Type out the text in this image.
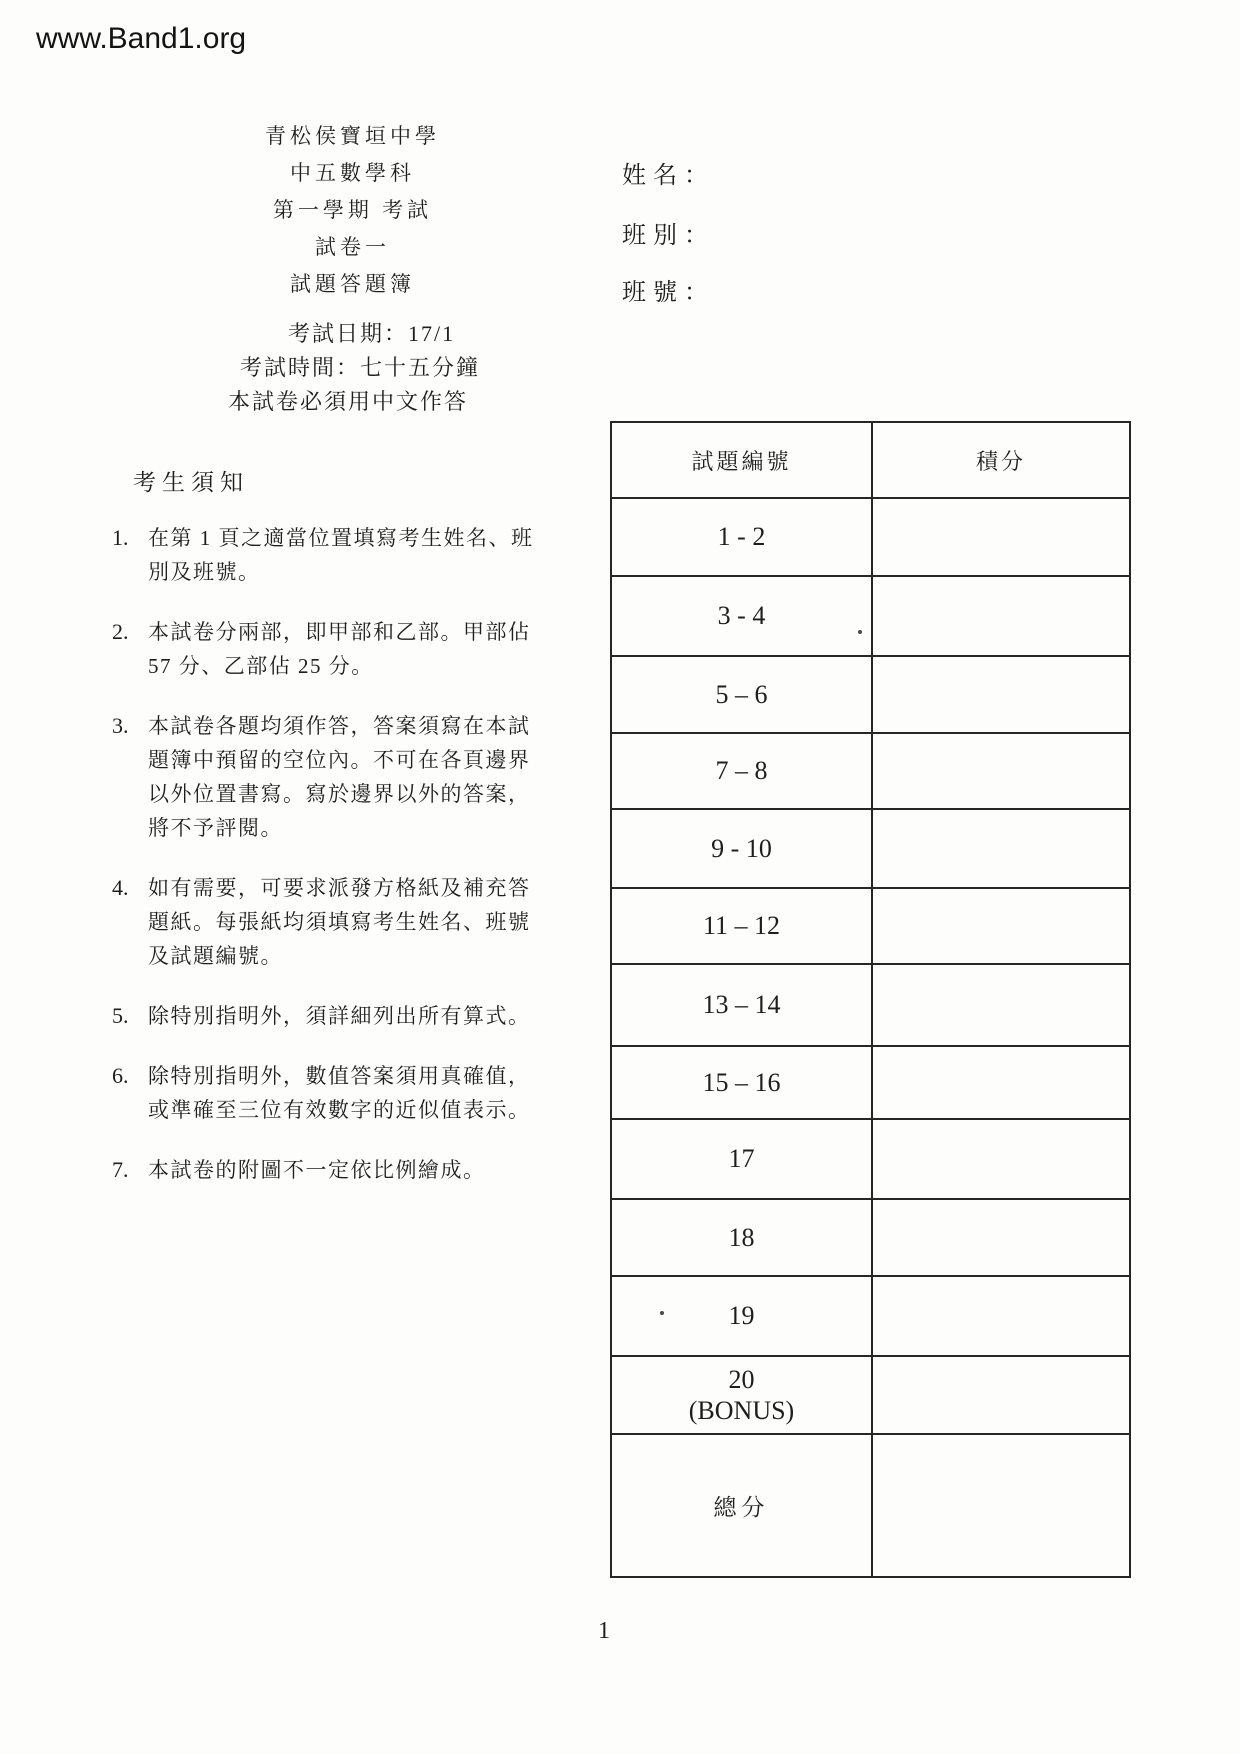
www.Band1.org
青松侯寶垣中學
中五數學科
第一學期 考試
試卷一
試題答題簿
姓名：
班別：
班號：
考試日期：17/1
考試時間：七十五分鐘
本試卷必須用中文作答
考生須知
1. 在第 1 頁之適當位置填寫考生姓名、班
別及班號。
2. 本試卷分兩部，即甲部和乙部。甲部佔
57 分、乙部佔 25 分。
3. 本試卷各題均須作答，答案須寫在本試
題簿中預留的空位內。不可在各頁邊界
以外位置書寫。寫於邊界以外的答案，
將不予評閱。
4. 如有需要，可要求派發方格紙及補充答
題紙。每張紙均須填寫考生姓名、班號
及試題編號。
5. 除特別指明外，須詳細列出所有算式。
6. 除特別指明外，數值答案須用真確值，
或準確至三位有效數字的近似值表示。
7. 本試卷的附圖不一定依比例繪成。
試題編號	積分
1 - 2
3 - 4
5 – 6
7 – 8
9 - 10
11 – 12
13 – 14
15 – 16
17
18
19
20
(BONUS)
總分
1
